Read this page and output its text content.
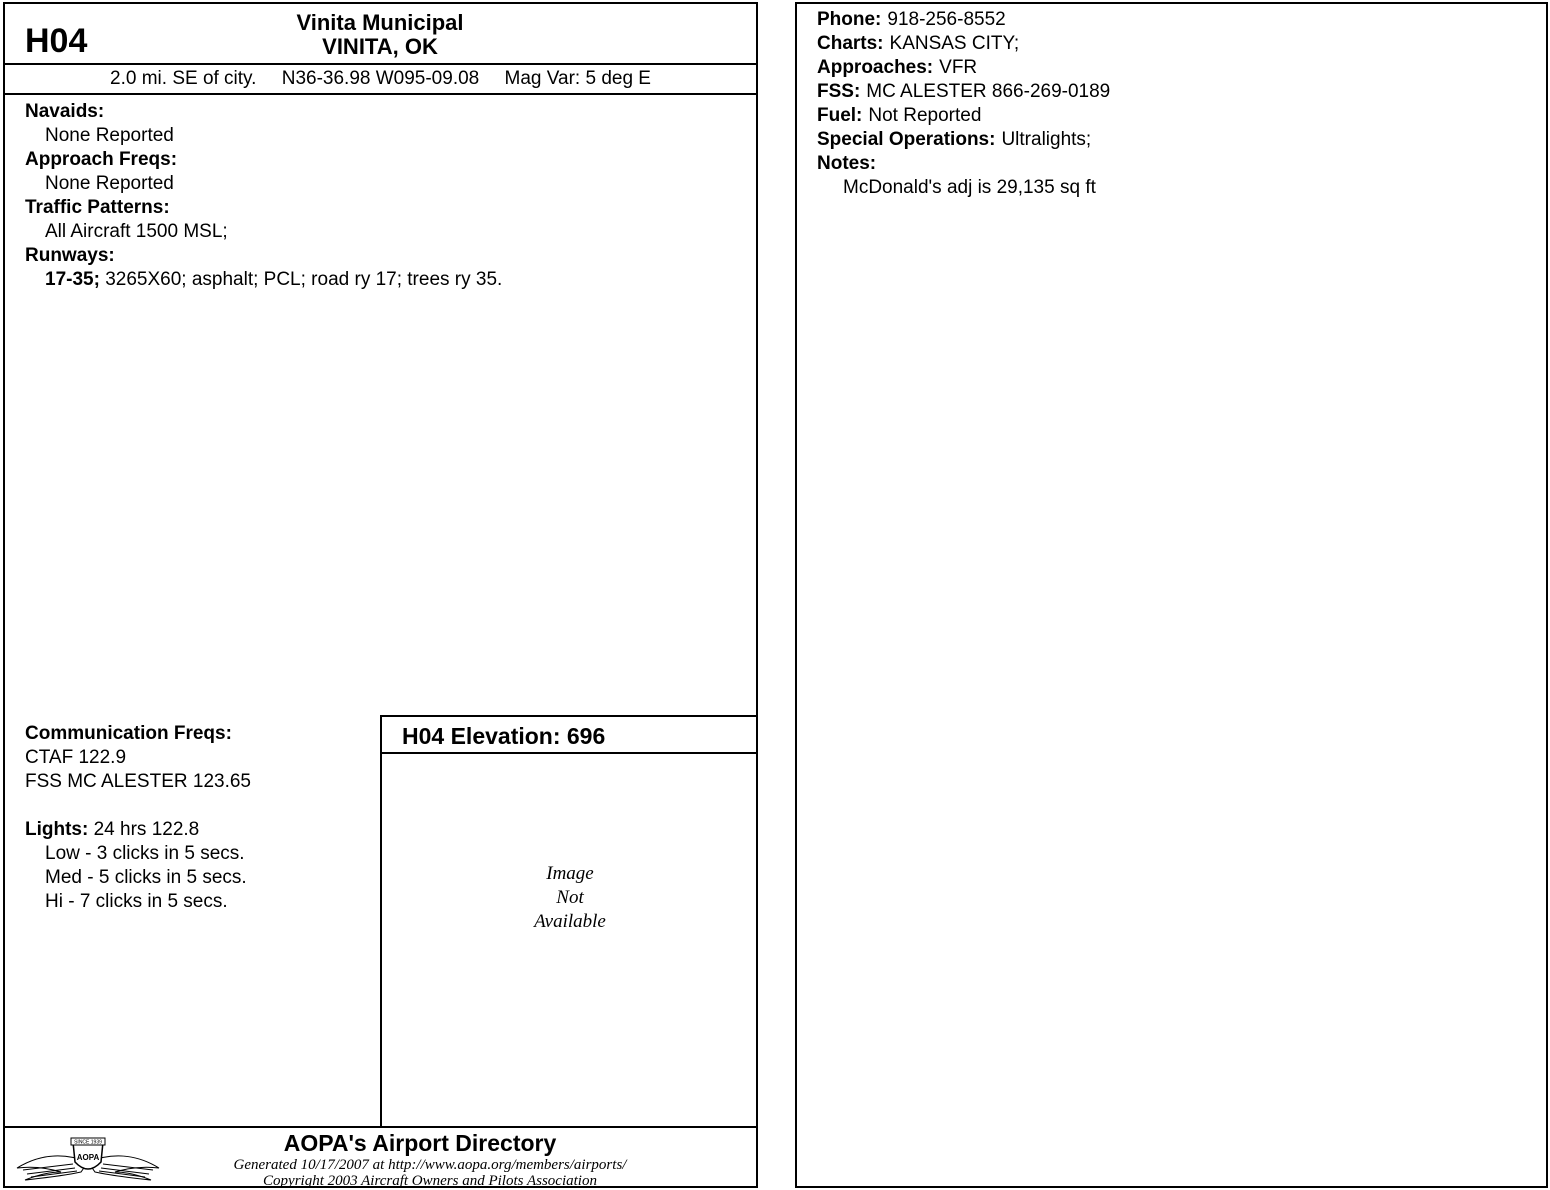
H04	Vinita Municipal
VINITA, OK
2.0 mi. SE of city. N36-36.98 W095-09.08 Mag Var: 5 deg E
Navaids:
None Reported
Approach Freqs:
None Reported
Traffic Patterns:
All Aircraft 1500 MSL;
Runways:
17-35; 3265X60; asphalt; PCL; road ry 17; trees ry 35.
Communication Freqs:
CTAF 122.9
FSS MC ALESTER 123.65
Lights: 24 hrs 122.8
Low - 3 clicks in 5 secs.
Med - 5 clicks in 5 secs.
Hi - 7 clicks in 5 secs.
H04 Elevation: 696
Image
Not
Available
SINCE 1939
AOPA
AOPA's Airport Directory
Generated 10/17/2007 at http://www.aopa.org/members/airports/
Copyright 2003 Aircraft Owners and Pilots Association
Phone: 918-256-8552
Charts: KANSAS CITY;
Approaches: VFR
FSS: MC ALESTER 866-269-0189
Fuel: Not Reported
Special Operations: Ultralights;
Notes:
McDonald's adj is 29,135 sq ft
